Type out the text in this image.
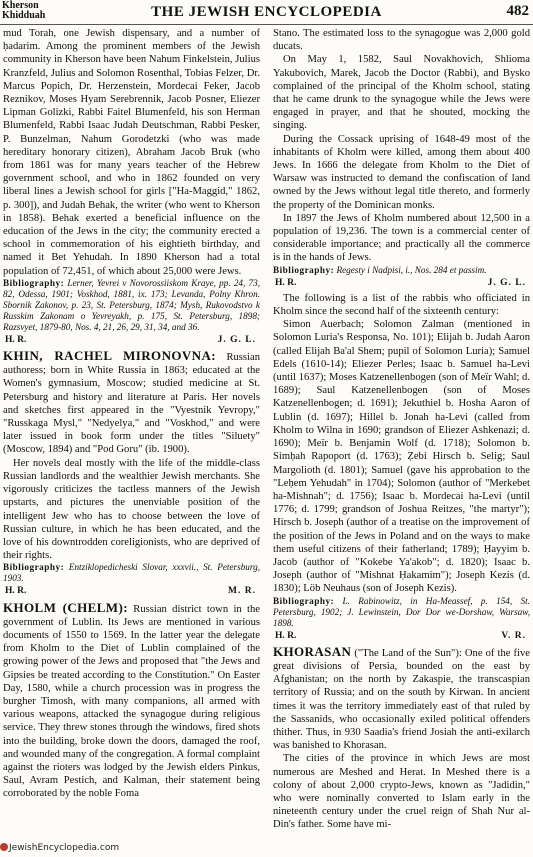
Kherson
Khidduah	THE JEWISH ENCYCLOPEDIA	482

mud Torah, one Jewish dispensary, and a number of ḥadarim. Among the prominent members of the Jewish community in Kherson have been Nahum Finkelstein, Julius Kranzfeld, Julius and Solomon Rosenthal, Tobias Felzer, Dr. Marcus Popich, Dr. Herzenstein, Mordecai Feker, Jacob Reznikov, Moses Hyam Serebrennik, Jacob Posner, Eliezer Lipman Golizki, Rabbi Faitel Blumenfeld, his son Herman Blumenfeld, Rabbi Isaac Judah Deutschman, Rabbi Pesker, P. Bunzelman, Nahum Gorodetzki (who was made hereditary honorary citizen), Abraham Jacob Bruk (who from 1861 was for many years teacher of the Hebrew government school, and who in 1862 founded on very liberal lines a Jewish school for girls ["Ha-Maggid," 1862, p. 300]), and Judah Behak, the writer (who went to Kherson in 1858). Behak exerted a beneficial influence on the education of the Jews in the city; the community erected a school in commemoration of his eightieth birthday, and named it Bet Yehudah. In 1890 Kherson had a total population of 72,451, of which about 25,000 were Jews.

Bibliography: Lerner, Yevrei v Novorossiiskom Kraye, pp. 24, 73, 82, Odessa, 1901; Voskhod, 1881, ix. 173; Levanda, Polny Khron. Sbornik Zakonov, p. 23, St. Petersburg, 1874; Mysh, Rukovodstvo k Russkim Zakonam o Yevreyakh, p. 175, St. Petersburg, 1898; Razsvyet, 1879-80, Nos. 4, 21, 26, 29, 31, 34, and 36.

H. R.	J. G. L.

KHIN, RACHEL MIRONOVNA: Russian authoress; born in White Russia in 1863; educated at the Women's gymnasium, Moscow; studied medicine at St. Petersburg and history and literature at Paris. Her novels and sketches first appeared in the "Vyestnik Yevropy," "Russkaga Mysl," "Nedyelya," and "Voskhod," and were later issued in book form under the titles "Siluety" (Moscow, 1894) and "Pod Goru" (ib. 1900).

Her novels deal mostly with the life of the middle-class Russian landlords and the wealthier Jewish merchants. She vigorously criticizes the tactless manners of the Jewish upstarts, and pictures the unenviable position of the intelligent Jew who has to choose between the love of Russian culture, in which he has been educated, and the love of his downtrodden coreligionists, who are deprived of their rights.

Bibliography: Entziklopedicheski Slovar, xxxvii., St. Petersburg, 1903.

H. R.	M. R.

KHOLM (CHELM): Russian district town in the government of Lublin. Its Jews are mentioned in various documents of 1550 to 1569. In the latter year the delegate from Kholm to the Diet of Lublin complained of the growing power of the Jews and proposed that "the Jews and Gipsies be treated according to the Constitution." On Easter Day, 1580, while a church procession was in progress the burgher Timosh, with many companions, all armed with various weapons, attacked the synagogue during religious service. They threw stones through the windows, fired shots into the building, broke down the doors, damaged the roof, and wounded many of the congregation. A formal complaint against the rioters was lodged by the Jewish elders Pinkus, Saul, Avram Pestich, and Kalman, their statement being corroborated by the noble Foma

Stano. The estimated loss to the synagogue was 2,000 gold ducats.

On May 1, 1582, Saul Novakhovich, Shlioma Yakubovich, Marek, Jacob the Doctor (Rabbi), and Bysko complained of the principal of the Kholm school, stating that he came drunk to the synagogue while the Jews were engaged in prayer, and that he shouted, mocking the singing.

During the Cossack uprising of 1648-49 most of the inhabitants of Kholm were killed, among them about 400 Jews. In 1666 the delegate from Kholm to the Diet of Warsaw was instructed to demand the confiscation of land owned by the Jews without legal title thereto, and formerly the property of the Dominican monks.

In 1897 the Jews of Kholm numbered about 12,500 in a population of 19,236. The town is a commercial center of considerable importance; and practically all the commerce is in the hands of Jews.

Bibliography: Regesty i Nadpisi, i., Nos. 284 et passim.

H. R.	J. G. L.

The following is a list of the rabbis who officiated in Kholm since the second half of the sixteenth century:

Simon Auerbach; Solomon Zalman (mentioned in Solomon Luria's Responsa, No. 101); Elijah b. Judah Aaron (called Elijah Ba'al Shem; pupil of Solomon Luria); Samuel Edels (1610-14); Eliezer Perles; Isaac b. Samuel ha-Levi (until 1637); Moses Katzenellenbogen (son of Meïr Wahl; d. 1689); Saul Katzenellenbogen (son of Moses Katzenellenbogen; d. 1691); Jekuthiel b. Hosha Aaron of Lublin (d. 1697); Hillel b. Jonah ha-Levi (called from Kholm to Wilna in 1690; grandson of Eliezer Ashkenazi; d. 1690); Meïr b. Benjamin Wolf (d. 1718); Solomon b. Simḥah Rapoport (d. 1763); Ẓebi Hirsch b. Selig; Saul Margolioth (d. 1801); Samuel (gave his approbation to the "Leḥem Yehudah" in 1704); Solomon (author of "Merkebet ha-Mishnah"; d. 1756); Isaac b. Mordecai ha-Levi (until 1776; d. 1799; grandson of Joshua Reitzes, "the martyr"); Hirsch b. Joseph (author of a treatise on the improvement of the position of the Jews in Poland and on the ways to make them useful citizens of their fatherland; 1789); Ḥayyim b. Jacob (author of "Kokebe Ya'akob"; d. 1820); Isaac b. Joseph (author of "Mishnat Ḥakamim"); Joseph Kezis (d. 1830); Löb Neuhaus (son of Joseph Kezis).

Bibliography: L. Rabinowitz, in Ha-Meassef, p. 154, St. Petersburg, 1902; J. Lewinstein, Dor Dor we-Dorshaw, Warsaw, 1898.

H. R.	V. R.

KHORASAN ("The Land of the Sun"): One of the five great divisions of Persia, bounded on the east by Afghanistan; on the north by Zakaspie, the transcaspian territory of Russia; and on the south by Kirwan. In ancient times it was the territory immediately east of that ruled by the Sassanids, who occasionally exiled political offenders thither. Thus, in 930 Saadia's friend Josiah the anti-exilarch was banished to Khorasan.

The cities of the province in which Jews are most numerous are Meshed and Herat. In Meshed there is a colony of about 2,000 crypto-Jews, known as "Jadidin," who were nominally converted to Islam early in the nineteenth century under the cruel reign of Shah Nur al-Din's father. Some have mi-

JewishEncyclopedia.com
